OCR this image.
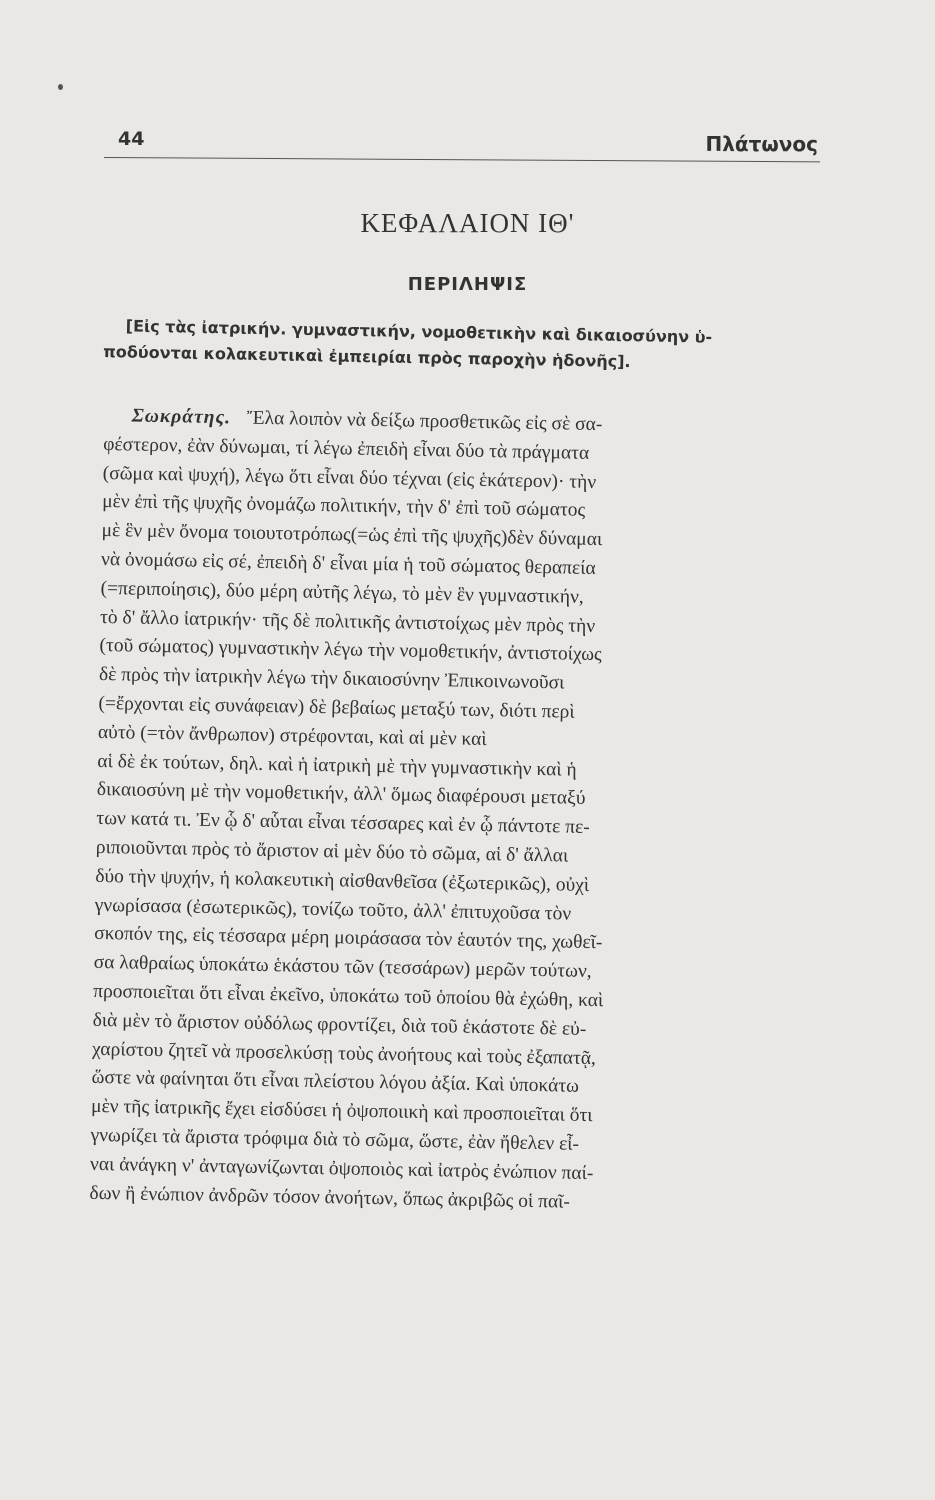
44	Πλάτωνος
ΚΕΦΑΛΑΙΟΝ ΙΘ'
ΠΕΡΙΛΗΨΙΣ
[Εἰς τὰς ἰατρικήν. γυμναστικήν, νομοθετικὴν καὶ δικαιοσύνην ὑ-
ποδύονται κολακευτικαὶ ἐμπειρίαι πρὸς παροχὴν ἡδονῆς].
Σωκράτης. Ἔλα λοιπὸν νὰ δείξω προσθετικῶς εἰς σὲ σα-
φέστερον, ἐὰν δύνωμαι, τί λέγω ἐπειδὴ εἶναι δύο τὰ πράγματα
(σῶμα καὶ ψυχή), λέγω ὅτι εἶναι δύο τέχναι (εἰς ἑκάτερον)· τὴν
μὲν ἐπὶ τῆς ψυχῆς ὀνομάζω πολιτικήν, τὴν δ' ἐπὶ τοῦ σώματος
μὲ ἓν μὲν ὄνομα τοιουτοτρόπως(=ὡς ἐπὶ τῆς ψυχῆς)δὲν δύναμαι
νὰ ὀνομάσω εἰς σέ, ἐπειδὴ δ' εἶναι μία ἡ τοῦ σώματος θεραπεία
(=περιποίησις), δύο μέρη αὐτῆς λέγω, τὸ μὲν ἓν γυμναστικήν,
τὸ δ' ἄλλο ἰατρικήν· τῆς δὲ πολιτικῆς ἀντιστοίχως μὲν πρὸς τὴν
(τοῦ σώματος) γυμναστικὴν λέγω τὴν νομοθετικήν, ἀντιστοίχως
δὲ πρὸς τὴν ἰατρικὴν λέγω τὴν δικαιοσύνην Ἐπικοινωνοῦσι
(=ἔρχονται εἰς συνάφειαν) δὲ βεβαίως μεταξύ των, διότι περὶ
αὐτὸ (=τὸν ἄνθρωπον) στρέφονται, καὶ αἱ μὲν καὶ
αἱ δὲ ἐκ τούτων, δηλ. καὶ ἡ ἰατρικὴ μὲ τὴν γυμναστικὴν καὶ ἡ
δικαιοσύνη μὲ τὴν νομοθετικήν, ἀλλ' ὅμως διαφέρουσι μεταξύ
των κατά τι. Ἐν ᾧ δ' αὗται εἶναι τέσσαρες καὶ ἐν ᾧ πάντοτε πε-
ριποιοῦνται πρὸς τὸ ἄριστον αἱ μὲν δύο τὸ σῶμα, αἱ δ' ἄλλαι
δύο τὴν ψυχήν, ἡ κολακευτικὴ αἰσθανθεῖσα (ἐξωτερικῶς), οὐχὶ
γνωρίσασα (ἐσωτερικῶς), τονίζω τοῦτο, ἀλλ' ἐπιτυχοῦσα τὸν
σκοπόν της, εἰς τέσσαρα μέρη μοιράσασα τὸν ἑαυτόν της, χωθεῖ-
σα λαθραίως ὑποκάτω ἑκάστου τῶν (τεσσάρων) μερῶν τούτων,
προσποιεῖται ὅτι εἶναι ἐκεῖνο, ὑποκάτω τοῦ ὁποίου θὰ ἐχώθη, καὶ
διὰ μὲν τὸ ἄριστον οὐδόλως φροντίζει, διὰ τοῦ ἑκάστοτε δὲ εὐ-
χαρίστου ζητεῖ νὰ προσελκύσῃ τοὺς ἀνοήτους καὶ τοὺς ἐξαπατᾷ,
ὥστε νὰ φαίνηται ὅτι εἶναι πλείστου λόγου ἀξία. Καὶ ὑποκάτω
μὲν τῆς ἰατρικῆς ἔχει εἰσδύσει ἡ ὀψοποιικὴ καὶ προσποιεῖται ὅτι
γνωρίζει τὰ ἄριστα τρόφιμα διὰ τὸ σῶμα, ὥστε, ἐὰν ἤθελεν εἶ-
ναι ἀνάγκη ν' ἀνταγωνίζωνται ὀψοποιὸς καὶ ἰατρὸς ἐνώπιον παί-
δων ἢ ἐνώπιον ἀνδρῶν τόσον ἀνοήτων, ὅπως ἀκριβῶς οἱ παῖ-
